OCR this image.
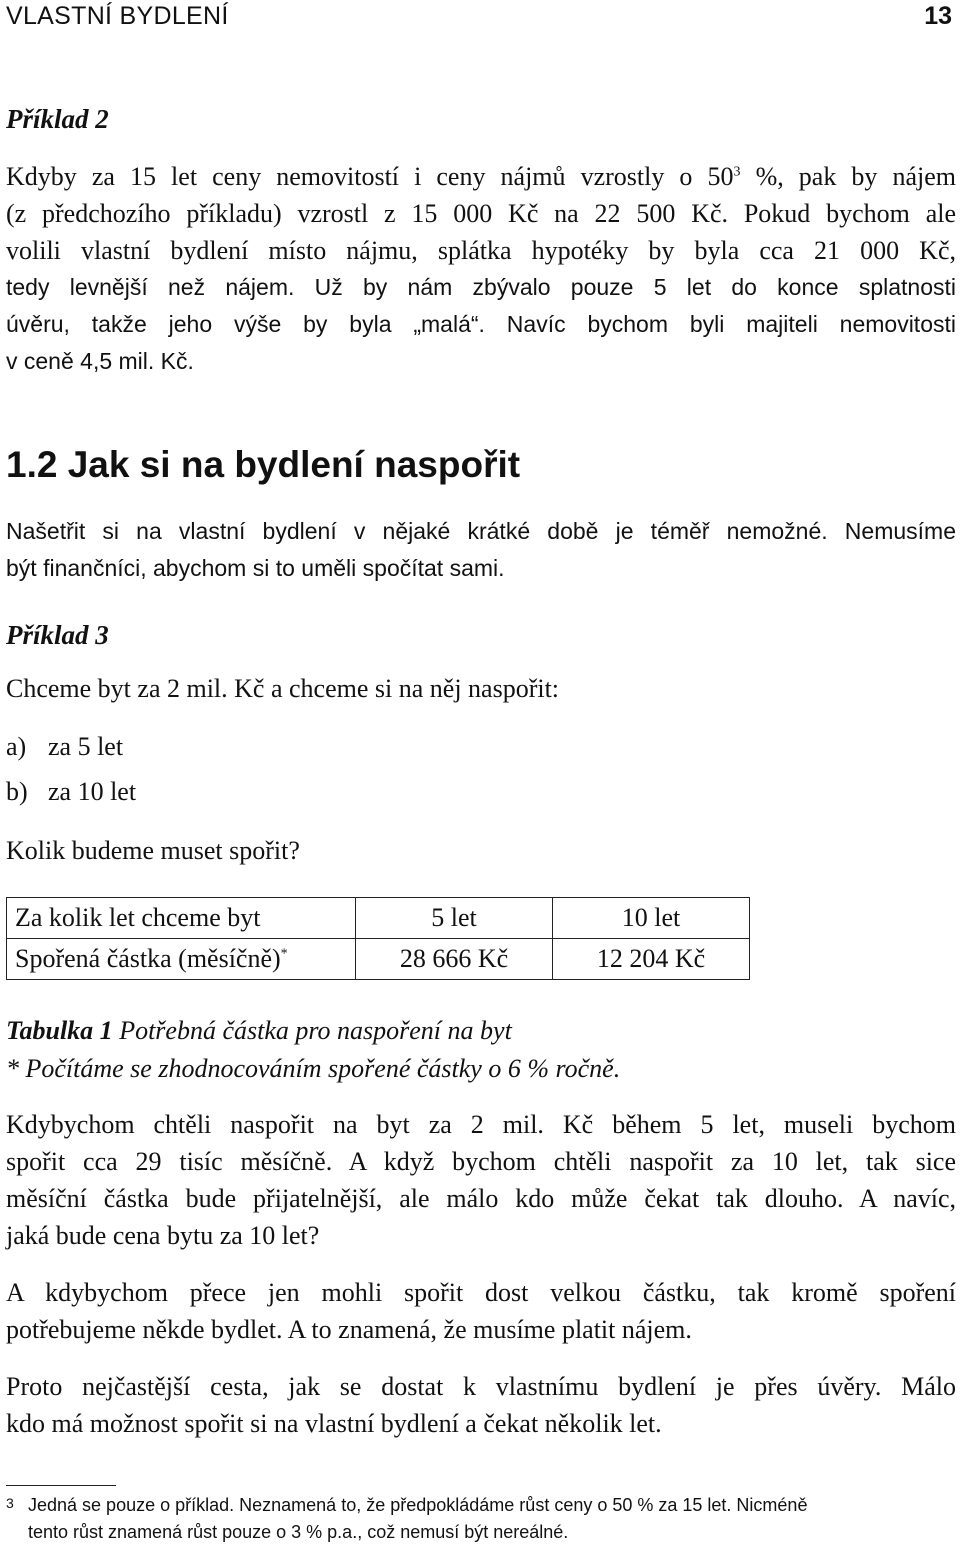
VLASTNÍ BYDLENÍ	13
Příklad 2
Kdyby za 15 let ceny nemovitostí i ceny nájmů vzrostly o $50^3$ %, pak by nájem
(z předchozího příkladu) vzrostl z 15 000 Kč na 22 500 Kč. Pokud bychom ale
volili vlastní bydlení místo nájmu, splátka hypotéky by byla cca 21 000 Kč,
tedy levnější než nájem. Už by nám zbývalo pouze 5 let do konce splatnosti
úvěru, takže jeho výše by byla „malá“. Navíc bychom byli majiteli nemovitosti
v ceně 4,5 mil. Kč.
1.2 Jak si na bydlení naspořit
Našetřit si na vlastní bydlení v nějaké krátké době je téměř nemožné. Nemusíme
být finančníci, abychom si to uměli spočítat sami.
Příklad 3
Chceme byt za 2 mil. Kč a chceme si na něj naspořit:
a) za 5 let
b) za 10 let
Kolik budeme muset spořit?
Za kolik let chceme byt	5 let	10 let
Spořená částka (měsíčně)*	28 666 Kč	12 204 Kč
Tabulka 1 Potřebná částka pro naspoření na byt
* Počítáme se zhodnocováním spořené částky o 6 % ročně.
Kdybychom chtěli naspořit na byt za 2 mil. Kč během 5 let, museli bychom
spořit cca 29 tisíc měsíčně. A když bychom chtěli naspořit za 10 let, tak sice
měsíční částka bude přijatelnější, ale málo kdo může čekat tak dlouho. A navíc,
jaká bude cena bytu za 10 let?
A kdybychom přece jen mohli spořit dost velkou částku, tak kromě spoření
potřebujeme někde bydlet. A to znamená, že musíme platit nájem.
Proto nejčastější cesta, jak se dostat k vlastnímu bydlení je přes úvěry. Málo
kdo má možnost spořit si na vlastní bydlení a čekat několik let.
3 Jedná se pouze o příklad. Neznamená to, že předpokládáme růst ceny o 50 % za 15 let. Nicméně
tento růst znamená růst pouze o 3 % p.a., což nemusí být nereálné.
